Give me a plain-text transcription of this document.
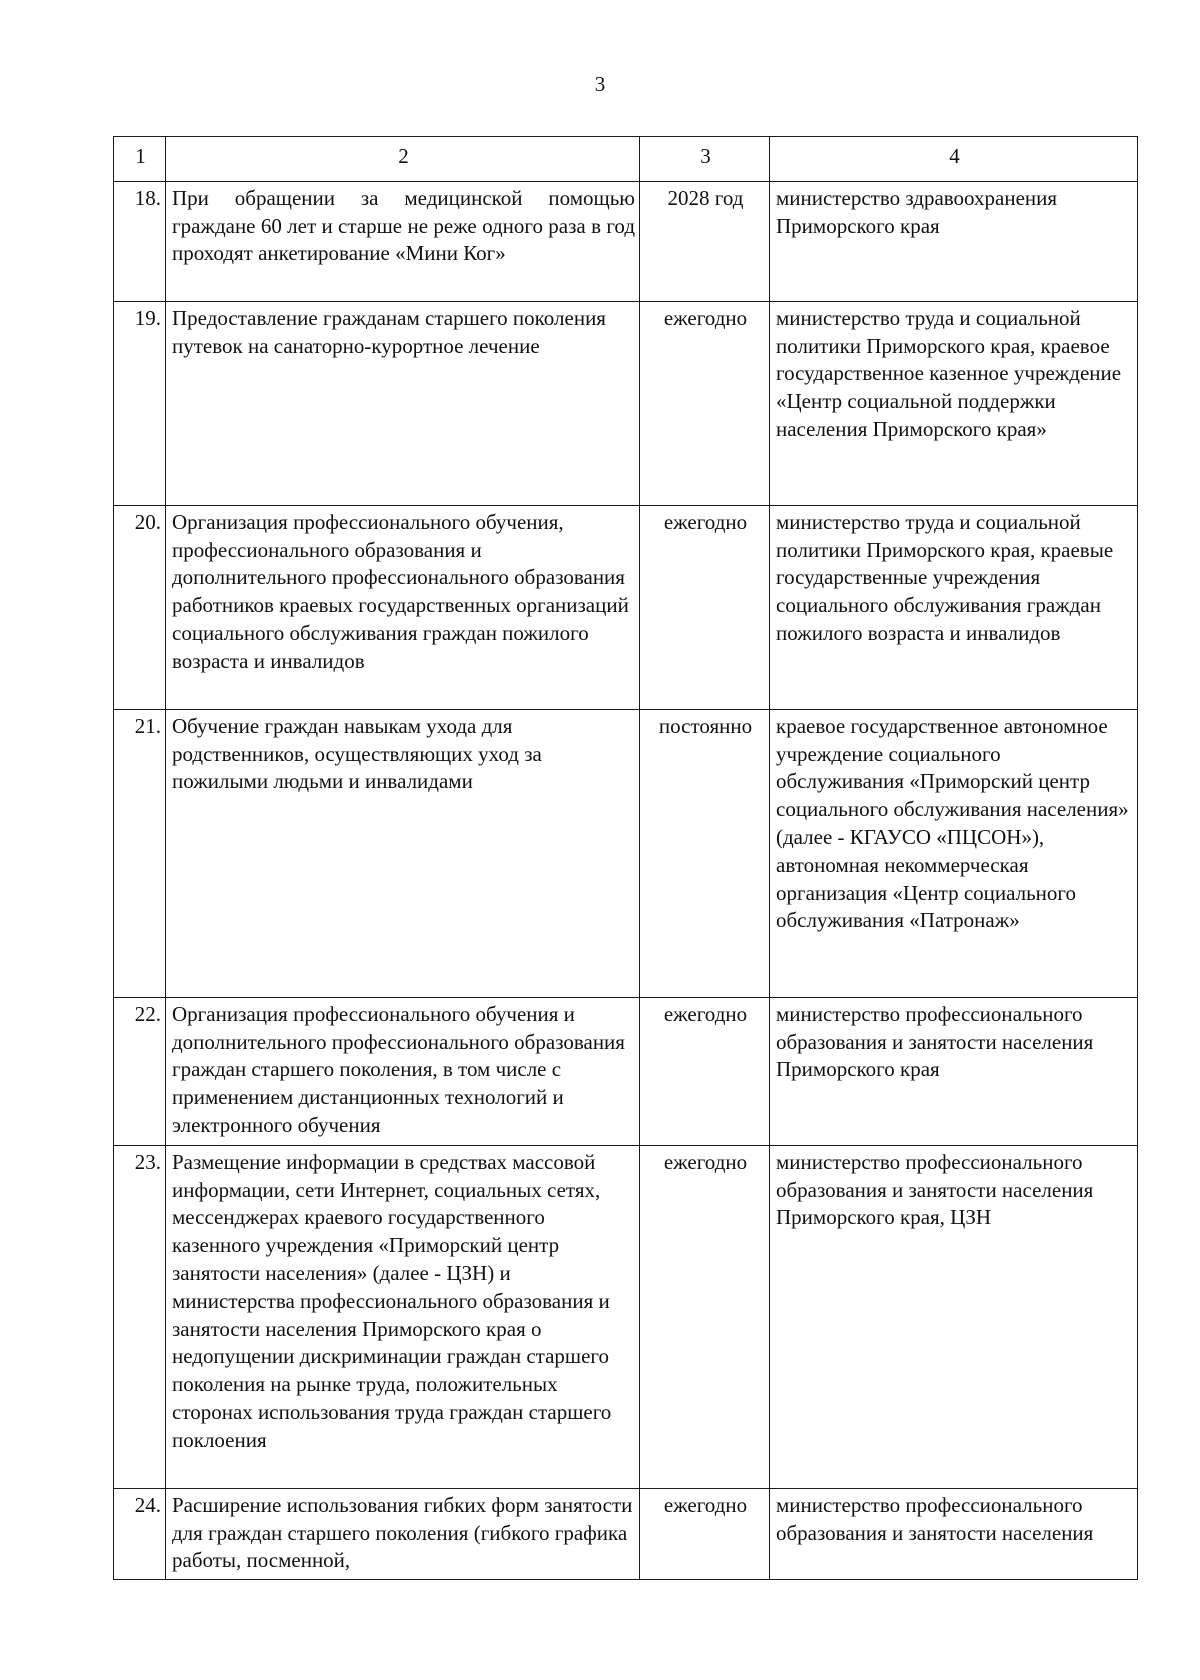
3
1	2	3	4
18.	При обращении за медицинской помощью граждане 60 лет и старше не реже одного раза в год проходят анкетирование «Мини Ког»	2028 год	министерство здравоохранения Приморского края
19.	Предоставление гражданам старшего поколения путевок на санаторно-курортное лечение	ежегодно	министерство труда и социальной политики Приморского края, краевое государственное казенное учреждение «Центр социальной поддержки населения Приморского края»
20.	Организация профессионального обучения, профессионального образования и дополнительного профессионального образования работников краевых государственных организаций социального обслуживания граждан пожилого возраста и инвалидов	ежегодно	министерство труда и социальной политики Приморского края, краевые государственные учреждения социального обслуживания граждан пожилого возраста и инвалидов
21.	Обучение граждан навыкам ухода для родственников, осуществляющих уход за пожилыми людьми и инвалидами	постоянно	краевое государственное автономное учреждение социального обслуживания «Приморский центр социального обслуживания населения» (далее - КГАУСО «ПЦСОН»), автономная некоммерческая организация «Центр социального обслуживания «Патронаж»
22.	Организация профессионального обучения и дополнительного профессионального образования граждан старшего поколения, в том числе с применением дистанционных технологий и электронного обучения	ежегодно	министерство профессионального образования и занятости населения Приморского края
23.	Размещение информации в средствах массовой информации, сети Интернет, социальных сетях, мессенджерах краевого государственного казенного учреждения «Приморский центр занятости населения» (далее - ЦЗН) и министерства профессионального образования и занятости населения Приморского края о недопущении дискриминации граждан старшего поколения на рынке труда, положительных сторонах использования труда граждан старшего поклоения	ежегодно	министерство профессионального образования и занятости населения Приморского края, ЦЗН
24.	Расширение использования гибких форм занятости для граждан старшего поколения (гибкого графика работы, посменной,	ежегодно	министерство профессионального образования и занятости населения
